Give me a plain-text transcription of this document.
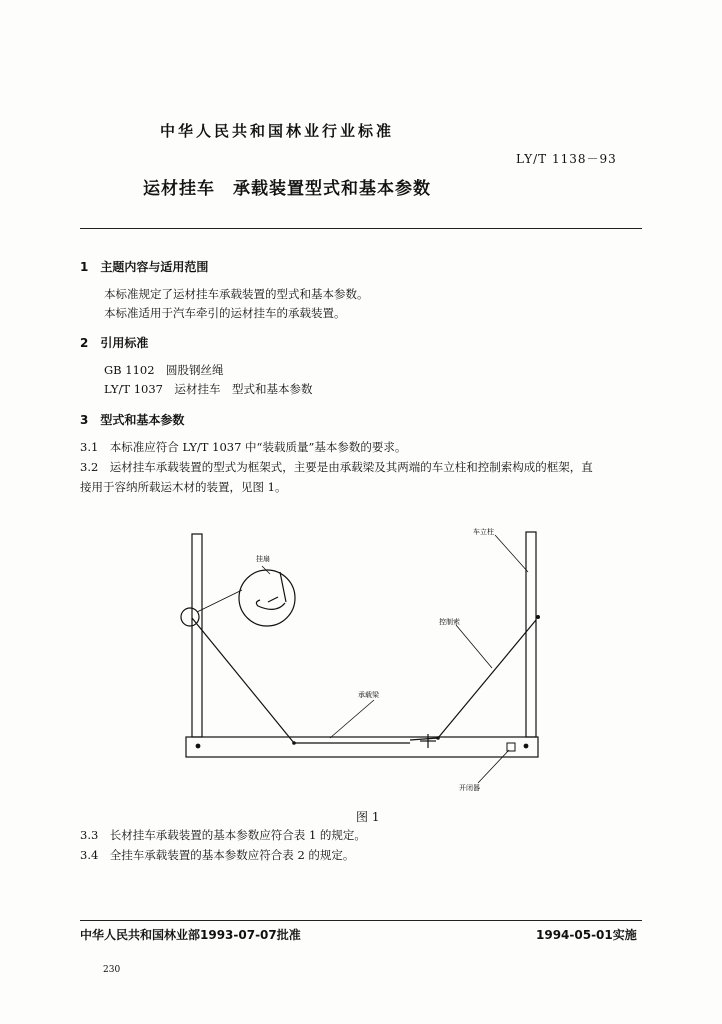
中华人民共和国林业行业标准
LY/T 1138－93
运材挂车　承载装置型式和基本参数
1　主题内容与适用范围
本标准规定了运材挂车承载装置的型式和基本参数。
本标准适用于汽车牵引的运材挂车的承载装置。
2　引用标准
GB 1102　圆股钢丝绳
LY/T 1037　运材挂车　型式和基本参数
3　型式和基本参数
3.1　本标准应符合 LY/T 1037 中“装载质量”基本参数的要求。
3.2　运材挂车承载装置的型式为框架式，主要是由承载梁及其两端的车立柱和控制索构成的框架，直
接用于容纳所载运木材的装置，见图 1。
挂扇
车立柱
控制索
承载梁
开闭器
图 1
3.3　长材挂车承载装置的基本参数应符合表 1 的规定。
3.4　全挂车承载装置的基本参数应符合表 2 的规定。
中华人民共和国林业部1993-07-07批准	1994-05-01实施
230
